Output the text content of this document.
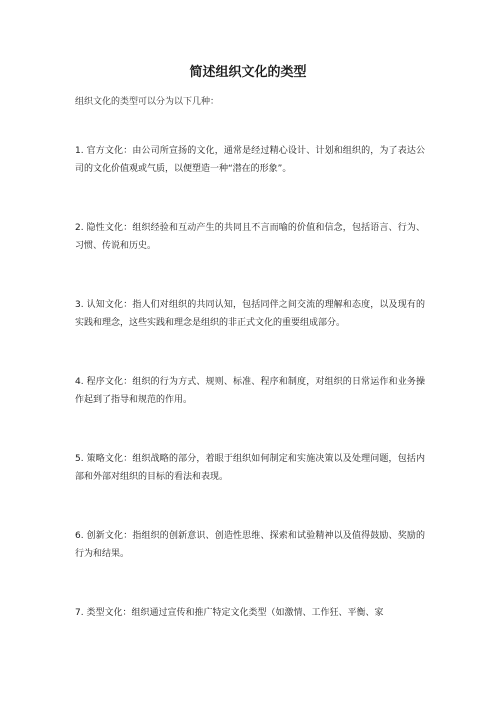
简述组织文化的类型
组织文化的类型可以分为以下几种：
1. 官方文化：由公司所宣扬的文化，通常是经过精心设计、计划和组织的，为了表达公司的文化价值观或气质，以便塑造一种“潜在的形象”。
2. 隐性文化：组织经验和互动产生的共同且不言而喻的价值和信念，包括语言、行为、习惯、传说和历史。
3. 认知文化：指人们对组织的共同认知，包括同伴之间交流的理解和态度，以及现有的实践和理念，这些实践和理念是组织的非正式文化的重要组成部分。
4. 程序文化：组织的行为方式、规则、标准、程序和制度，对组织的日常运作和业务操作起到了指导和规范的作用。
5. 策略文化：组织战略的部分，着眼于组织如何制定和实施决策以及处理问题，包括内部和外部对组织的目标的看法和表现。
6. 创新文化：指组织的创新意识、创造性思维、探索和试验精神以及值得鼓励、奖励的行为和结果。
7. 类型文化：组织通过宣传和推广特定文化类型（如激情、工作狂、平衡、家
